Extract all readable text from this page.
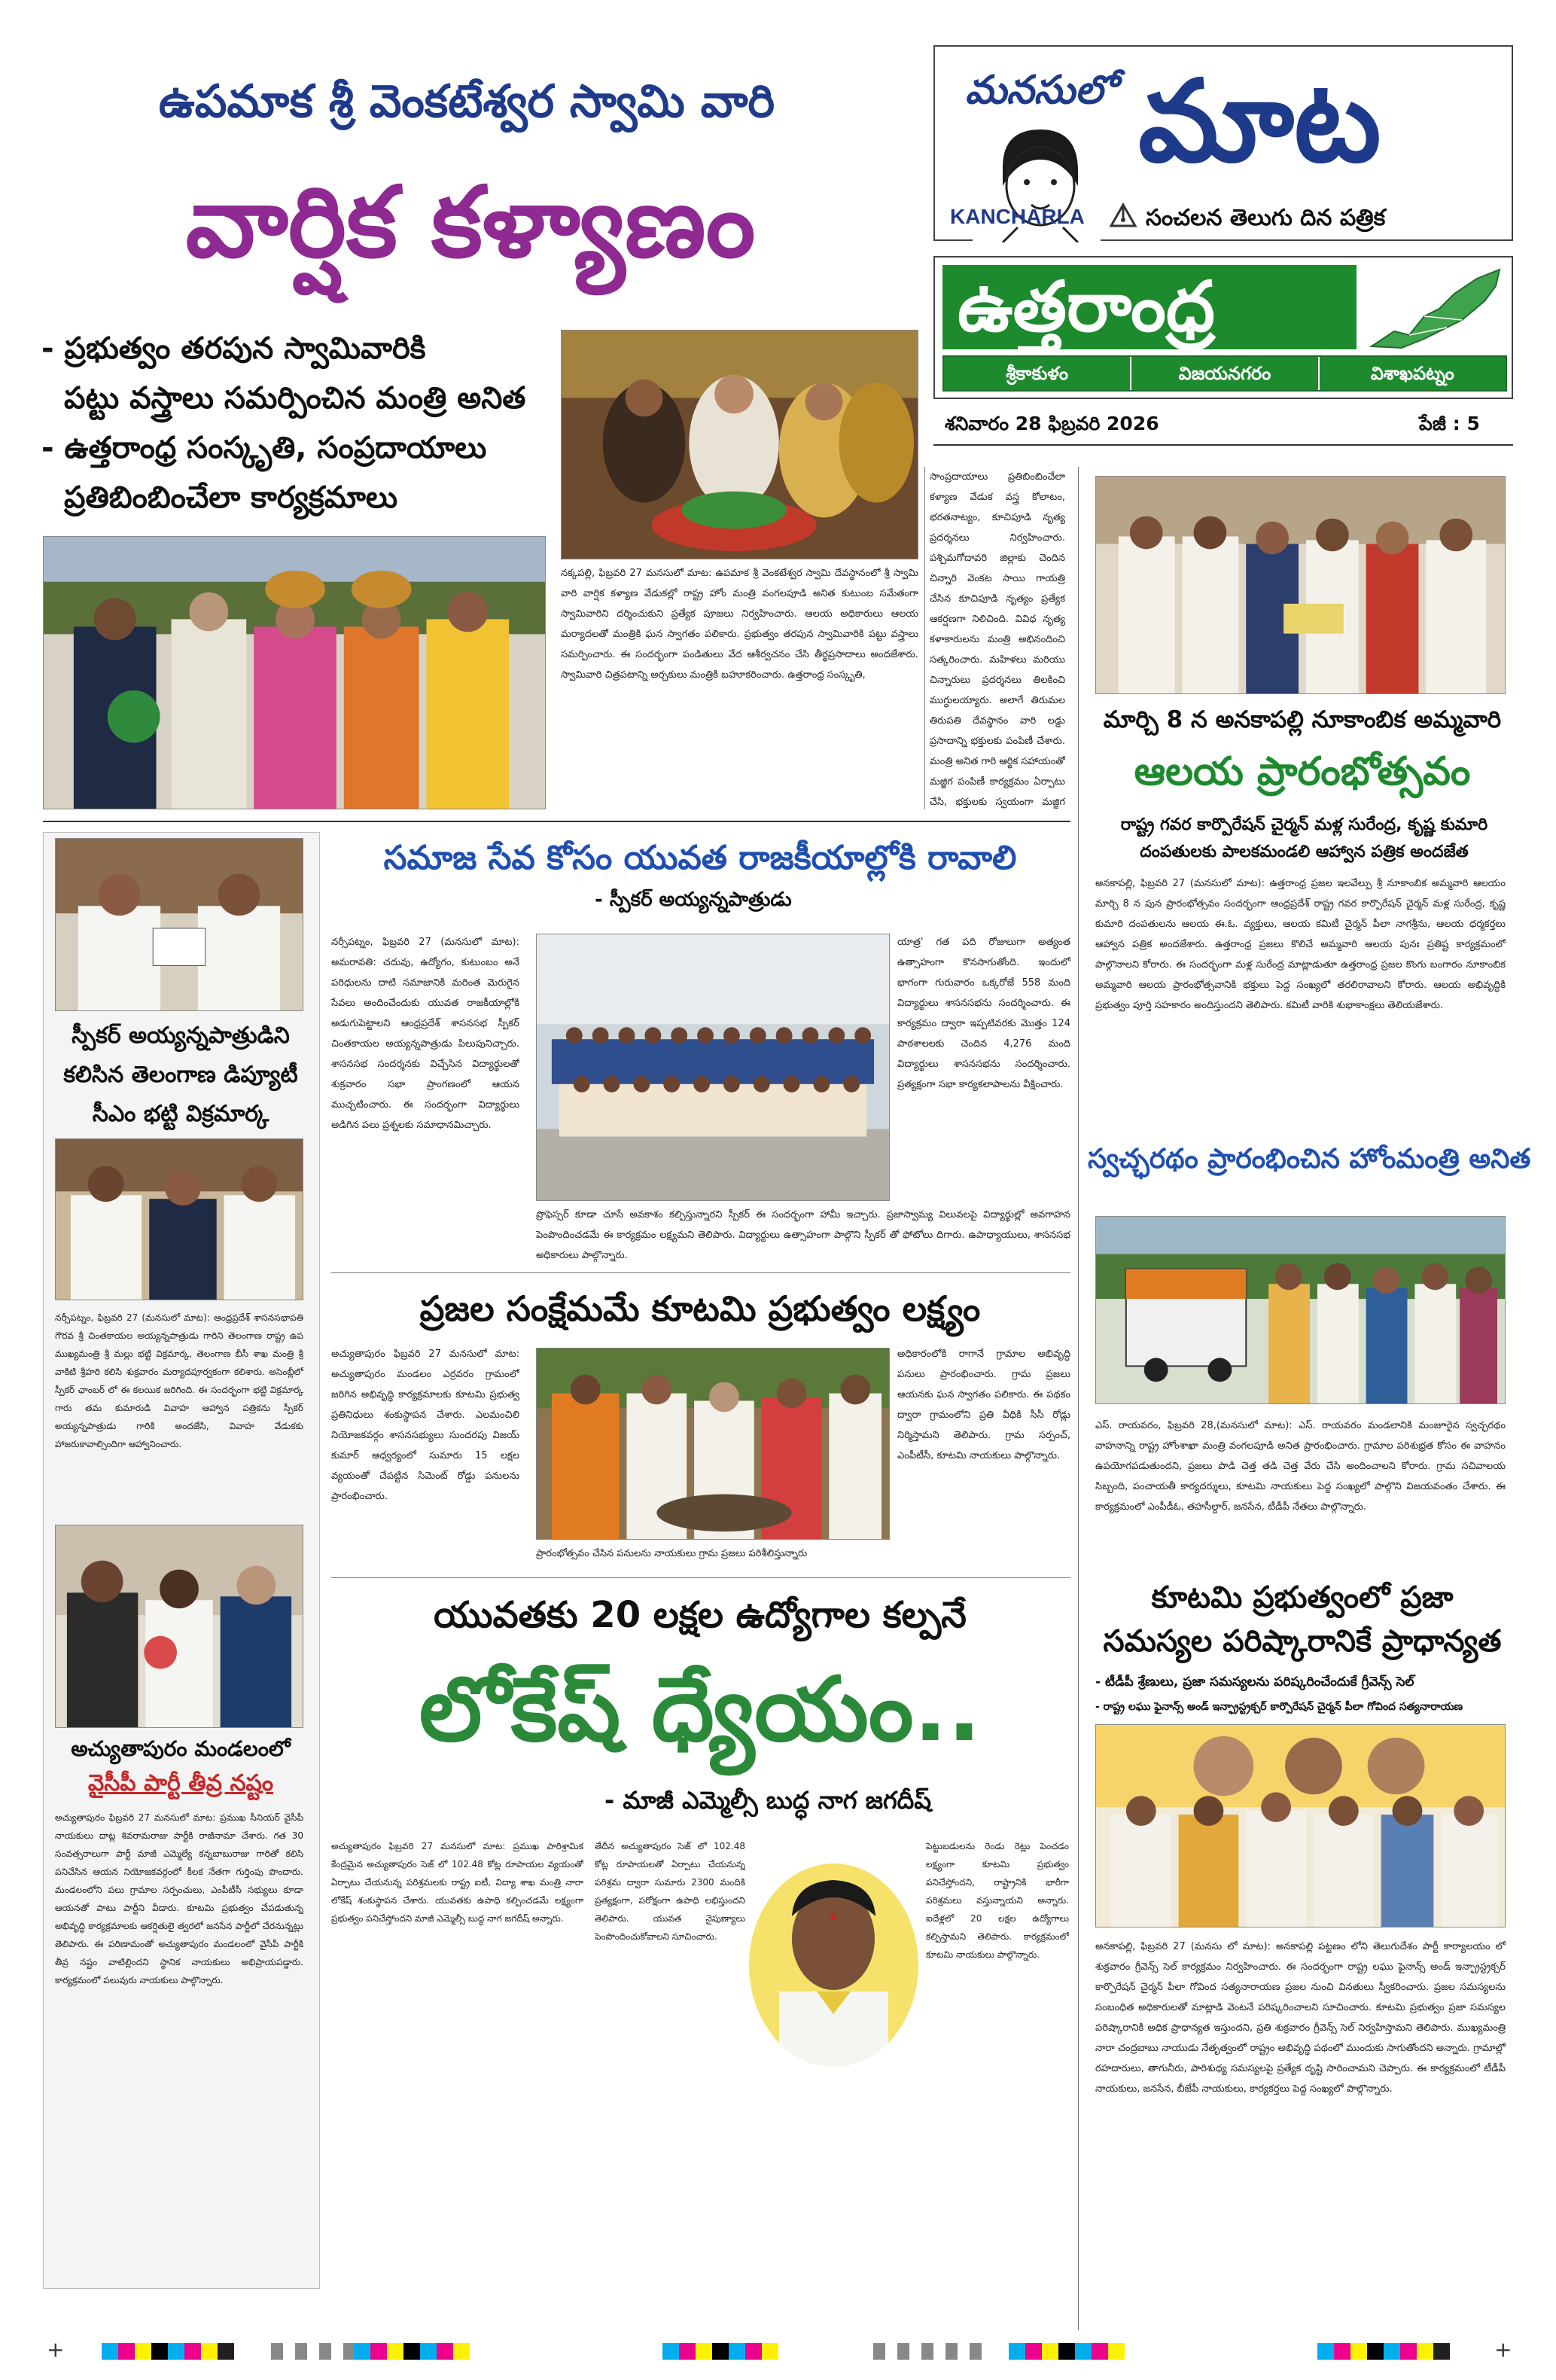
ఉపమాక శ్రీ వెంకటేశ్వర స్వామి వారి
వార్షిక కళ్యాణం
- ప్రభుత్వం తరపున స్వామివారికి
పట్టు వస్త్రాలు సమర్పించిన మంత్రి అనిత
- ఉత్తరాంధ్ర సంస్కృతి, సంప్రదాయాలు
ప్రతిబింబించేలా కార్యక్రమాలు
నక్కపల్లి, ఫిబ్రవరి 27 మనసులో మాట: ఉపమాక శ్రీ వెంకటేశ్వర స్వామి దేవస్థానంలో శ్రీ స్వామి వారి వార్షిక కళ్యాణ వేడుకల్లో రాష్ట్ర హోం మంత్రి వంగలపూడి అనిత కుటుంబ సమేతంగా స్వామివారిని దర్శించుకుని ప్రత్యేక పూజలు నిర్వహించారు. ఆలయ అధికారులు ఆలయ మర్యాదలతో మంత్రికి ఘన స్వాగతం పలికారు. ప్రభుత్వం తరపున స్వామివారికి పట్టు వస్త్రాలు సమర్పించారు. ఈ సందర్భంగా పండితులు వేద ఆశీర్వచనం చేసి తీర్థప్రసాదాలు అందజేశారు. స్వామివారి చిత్రపటాన్ని అర్చకులు మంత్రికి బహూకరించారు. ఉత్తరాంధ్ర సంస్కృతి,
సాంప్రదాయాలు ప్రతిబింబించేలా కళ్యాణ వేడుక వస్త్ర కోలాటం, భరతనాట్యం, కూచిపూడి నృత్య ప్రదర్శనలు నిర్వహించారు. పశ్చిమగోదావరి జిల్లాకు చెందిన చిన్నారి వెంకట సాయి గాయత్రి చేసిన కూచిపూడి నృత్యం ప్రత్యేక ఆకర్షణగా నిలిచింది. వివిధ నృత్య కళాకారులను మంత్రి అభినందించి సత్కరించారు. మహిళలు మరియు చిన్నారులు ప్రదర్శనలు తిలకించి ముగ్ధులయ్యారు. అలాగే తిరుమల తిరుపతి దేవస్థానం వారి లడ్డు ప్రసాదాన్ని భక్తులకు పంపిణీ చేశారు. మంత్రి అనిత గారి ఆర్థిక సహాయంతో మజ్జిగ పంపిణీ కార్యక్రమం ఏర్పాటు చేసి, భక్తులకు స్వయంగా మజ్జిగ
మనసులో మాట
KANCHARLA	సంచలన తెలుగు దిన పత్రిక
ఉత్తరాంధ్ర
శ్రీకాకుళం	విజయనగరం	విశాఖపట్నం
శనివారం 28 ఫిబ్రవరి 2026	పేజీ : 5
మార్చి 8 న అనకాపల్లి నూకాంబిక అమ్మవారి
ఆలయ ప్రారంభోత్సవం
రాష్ట్ర గవర కార్పొరేషన్ చైర్మన్ మళ్ల సురేంద్ర, కృష్ణ కుమారి దంపతులకు పాలకమండలి ఆహ్వాన పత్రిక అందజేత
అనకాపల్లి, ఫిబ్రవరి 27 (మనసులో మాట): ఉత్తరాంధ్ర ప్రజల ఇలవేల్పు శ్రీ నూకాంబిక అమ్మవారి ఆలయం మార్చి 8 న పున ప్రారంభోత్సవం సందర్భంగా ఆంధ్రప్రదేశ్ రాష్ట్ర గవర కార్పొరేషన్ చైర్మన్ మళ్ల సురేంద్ర, కృష్ణ కుమారి దంపతులను ఆలయ ఈ.ఓ. వ్యక్తులు, ఆలయ కమిటీ చైర్మన్ పీలా నాగశ్రీను, ఆలయ ధర్మకర్తలు ఆహ్వాన పత్రిక అందజేశారు. ఉత్తరాంధ్ర ప్రజలు కొలిచే అమ్మవారి ఆలయ పునః ప్రతిష్ట కార్యక్రమంలో పాల్గొనాలని కోరారు. ఈ సందర్భంగా మళ్ల సురేంద్ర మాట్లాడుతూ ఉత్తరాంధ్ర ప్రజల కొంగు బంగారం నూకాంబిక అమ్మవారి ఆలయ ప్రారంభోత్సవానికి భక్తులు పెద్ద సంఖ్యలో తరలిరావాలని కోరారు. ఆలయ అభివృద్ధికి ప్రభుత్వం పూర్తి సహకారం అందిస్తుందని తెలిపారు. కమిటీ వారికి శుభాకాంక్షలు తెలియజేశారు.
స్వచ్ఛరథం ప్రారంభించిన హోంమంత్రి అనిత
ఎస్. రాయవరం, ఫిబ్రవరి 28,(మనసులో మాట): ఎస్. రాయవరం మండలానికి మంజూరైన స్వచ్ఛరథం వాహనాన్ని రాష్ట్ర హోంశాఖా మంత్రి వంగలపూడి అనిత ప్రారంభించారు. గ్రామాల పరిశుభ్రత కోసం ఈ వాహనం ఉపయోగపడుతుందని, ప్రజలు పొడి చెత్త తడి చెత్త వేరు చేసి అందించాలని కోరారు. గ్రామ సచివాలయ సిబ్బంది, పంచాయతీ కార్యదర్శులు, కూటమి నాయకులు పెద్ద సంఖ్యలో పాల్గొని విజయవంతం చేశారు. ఈ కార్యక్రమంలో ఎంపీడీఓ, తహసీల్దార్, జనసేన, టీడీపీ నేతలు పాల్గొన్నారు.
కూటమి ప్రభుత్వంలో ప్రజా
సమస్యల పరిష్కారానికే ప్రాధాన్యత
- టీడీపీ శ్రేణులు, ప్రజా సమస్యలను పరిష్కరించేందుకే గ్రీవెన్స్ సెల్
- రాష్ట్ర లఘు ఫైనాన్స్ అండ్ ఇన్ఫ్రాస్ట్రక్చర్ కార్పొరేషన్ చైర్మన్ పీలా గోవింద సత్యనారాయణ
అనకాపల్లి, ఫిబ్రవరి 27 (మనసు లో మాట): అనకాపల్లి పట్టణం లోని తెలుగుదేశం పార్టీ కార్యాలయం లో శుక్రవారం గ్రీవెన్స్ సెల్ కార్యక్రమం నిర్వహించారు. ఈ సందర్భంగా రాష్ట్ర లఘు ఫైనాన్స్ అండ్ ఇన్ఫ్రాస్ట్రక్చర్ కార్పొరేషన్ చైర్మన్ పీలా గోవింద సత్యనారాయణ ప్రజల నుంచి వినతులు స్వీకరించారు. ప్రజల సమస్యలను సంబంధిత అధికారులతో మాట్లాడి వెంటనే పరిష్కరించాలని సూచించారు. కూటమి ప్రభుత్వం ప్రజా సమస్యల పరిష్కారానికి అధిక ప్రాధాన్యత ఇస్తుందని, ప్రతి శుక్రవారం గ్రీవెన్స్ సెల్ నిర్వహిస్తామని తెలిపారు. ముఖ్యమంత్రి నారా చంద్రబాబు నాయుడు నేతృత్వంలో రాష్ట్రం అభివృద్ధి పథంలో ముందుకు సాగుతోందని అన్నారు. గ్రామాల్లో రహదారులు, తాగునీరు, పారిశుధ్య సమస్యలపై ప్రత్యేక దృష్టి సారించామని చెప్పారు. ఈ కార్యక్రమంలో టీడీపీ నాయకులు, జనసేన, బీజేపీ నాయకులు, కార్యకర్తలు పెద్ద సంఖ్యలో పాల్గొన్నారు.
స్పీకర్ అయ్యన్నపాత్రుడిని కలిసిన తెలంగాణ డిప్యూటీ సీఎం భట్టి విక్రమార్క
నర్సీపట్నం, ఫిబ్రవరి 27 (మనసులో మాట): ఆంధ్రప్రదేశ్ శాసనసభాపతి గౌరవ శ్రీ చింతకాయల అయ్యన్నపాత్రుడు గారిని తెలంగాణ రాష్ట్ర ఉప ముఖ్యమంత్రి శ్రీ మల్లు భట్టి విక్రమార్క, తెలంగాణ బీసీ శాఖ మంత్రి శ్రీ వాకిటి శ్రీహరి కలిసి శుక్రవారం మర్యాదపూర్వకంగా కలిశారు. అసెంబ్లీలో స్పీకర్ ఛాంబర్ లో ఈ కలయిక జరిగింది. ఈ సందర్భంగా భట్టి విక్రమార్క గారు తమ కుమారుడి వివాహ ఆహ్వాన పత్రికను స్పీకర్ అయ్యన్నపాత్రుడు గారికి అందజేసి, వివాహ వేడుకకు హాజరుకావాల్సిందిగా ఆహ్వానించారు.
అచ్యుతాపురం మండలంలో
వైసీపీ పార్టీ తీవ్ర నష్టం
అచ్యుతాపురం ఫిబ్రవరి 27 మనసులో మాట: ప్రముఖ సీనియర్ వైసీపీ నాయకులు దాట్ల శివరామరాజు పార్టీకి రాజీనామా చేశారు. గత 30 సంవత్సరాలుగా పార్టీ మాజీ ఎమ్మెల్యే కన్నబాబురాజు గారితో కలిసి పనిచేసిన ఆయన నియోజకవర్గంలో కీలక నేతగా గుర్తింపు పొందారు. మండలంలోని పలు గ్రామాల సర్పంచులు, ఎంపీటీసీ సభ్యులు కూడా ఆయనతో పాటు పార్టీని వీడారు. కూటమి ప్రభుత్వం చేపడుతున్న అభివృద్ధి కార్యక్రమాలకు ఆకర్షితులై త్వరలో జనసేన పార్టీలో చేరనున్నట్లు తెలిపారు. ఈ పరిణామంతో అచ్యుతాపురం మండలంలో వైసీపీ పార్టీకి తీవ్ర నష్టం వాటిల్లిందని స్థానిక నాయకులు అభిప్రాయపడ్డారు. కార్యక్రమంలో పలువురు నాయకులు పాల్గొన్నారు.
సమాజ సేవ కోసం యువత రాజకీయాల్లోకి రావాలి
- స్పీకర్ అయ్యన్నపాత్రుడు
నర్సీపట్నం, ఫిబ్రవరి 27 (మనసులో మాట): అమరావతి: చదువు, ఉద్యోగం, కుటుంబం అనే పరిధులను దాటి సమాజానికి మరింత మెరుగైన సేవలు అందించేందుకు యువత రాజకీయాల్లోకి అడుగుపెట్టాలని ఆంధ్రప్రదేశ్ శాసనసభ స్పీకర్ చింతకాయల అయ్యన్నపాత్రుడు పిలుపునిచ్చారు. శాసనసభ సందర్శనకు విచ్చేసిన విద్యార్థులతో శుక్రవారం సభా ప్రాంగణంలో ఆయన ముచ్చటించారు. ఈ సందర్భంగా విద్యార్థులు అడిగిన పలు ప్రశ్నలకు సమాధానమిచ్చారు.
యాత్ర' గత పది రోజులుగా అత్యంత ఉత్సాహంగా కొనసాగుతోంది. ఇందులో భాగంగా గురువారం ఒక్కరోజే 558 మంది విద్యార్థులు శాసనసభను సందర్శించారు. ఈ కార్యక్రమం ద్వారా ఇప్పటివరకు మొత్తం 124 పాఠశాలలకు చెందిన 4,276 మంది విద్యార్థులు శాసనసభను సందర్శించారు. ప్రత్యక్షంగా సభా కార్యకలాపాలను వీక్షించారు.
ప్రొఫెస్సర్ కూడా చూసే అవకాశం కల్పిస్తున్నారని స్పీకర్ ఈ సందర్భంగా హామీ ఇచ్చారు. ప్రజాస్వామ్య విలువలపై విద్యార్థుల్లో అవగాహన పెంపొందించడమే ఈ కార్యక్రమం లక్ష్యమని తెలిపారు. విద్యార్థులు ఉత్సాహంగా పాల్గొని స్పీకర్ తో ఫోటోలు దిగారు. ఉపాధ్యాయులు, శాసనసభ అధికారులు పాల్గొన్నారు.
ప్రజల సంక్షేమమే కూటమి ప్రభుత్వం లక్ష్యం
అచ్యుతాపురం ఫిబ్రవరి 27 మనసులో మాట: అచ్యుతాపురం మండలం ఎర్రవరం గ్రామంలో జరిగిన అభివృద్ధి కార్యక్రమాలకు కూటమి ప్రభుత్వ ప్రతినిధులు శంకుస్థాపన చేశారు. ఎలమంచిలి నియోజకవర్గం శాసనసభ్యులు సుందరపు విజయ్ కుమార్ ఆధ్వర్యంలో సుమారు 15 లక్షల వ్యయంతో చేపట్టిన సిమెంట్ రోడ్డు పనులను ప్రారంభించారు.
అధికారంలోకి రాగానే గ్రామాల అభివృద్ధి పనులు ప్రారంభించారు. గ్రామ ప్రజలు ఆయనకు ఘన స్వాగతం పలికారు. ఈ పథకం ద్వారా గ్రామంలోని ప్రతి వీధికి సీసీ రోడ్లు నిర్మిస్తామని తెలిపారు. గ్రామ సర్పంచ్, ఎంపీటీసీ, కూటమి నాయకులు పాల్గొన్నారు.
ప్రారంభోత్సవం చేసిన పనులను నాయకులు గ్రామ ప్రజలు పరిశీలిస్తున్నారు
యువతకు 20 లక్షల ఉద్యోగాల కల్పనే
లోకేష్ ధ్యేయం..
- మాజీ ఎమ్మెల్సీ బుద్ధ నాగ జగదీష్
అచ్యుతాపురం ఫిబ్రవరి 27 మనసులో మాట: ప్రముఖ పారిశ్రామిక కేంద్రమైన అచ్యుతాపురం సెజ్ లో 102.48 కోట్ల రూపాయల వ్యయంతో ఏర్పాటు చేయనున్న పరిశ్రమలకు రాష్ట్ర ఐటీ, విద్యా శాఖ మంత్రి నారా లోకేష్ శంకుస్థాపన చేశారు. యువతకు ఉపాధి కల్పించడమే లక్ష్యంగా ప్రభుత్వం పనిచేస్తోందని మాజీ ఎమ్మెల్సీ బుద్ధ నాగ జగదీష్ అన్నారు.
తేదీన అచ్యుతాపురం సెజ్ లో 102.48 కోట్ల రూపాయలతో ఏర్పాటు చేయనున్న పరిశ్రమ ద్వారా సుమారు 2300 మందికి ప్రత్యక్షంగా, పరోక్షంగా ఉపాధి లభిస్తుందని తెలిపారు. యువత నైపుణ్యాలు పెంపొందించుకోవాలని సూచించారు.
పెట్టుబడులను రెండు రెట్లు పెంచడం లక్ష్యంగా కూటమి ప్రభుత్వం పనిచేస్తోందని, రాష్ట్రానికి భారీగా పరిశ్రమలు వస్తున్నాయని అన్నారు. ఐదేళ్లలో 20 లక్షల ఉద్యోగాలు కల్పిస్తామని తెలిపారు. కార్యక్రమంలో కూటమి నాయకులు పాల్గొన్నారు.
+	+
